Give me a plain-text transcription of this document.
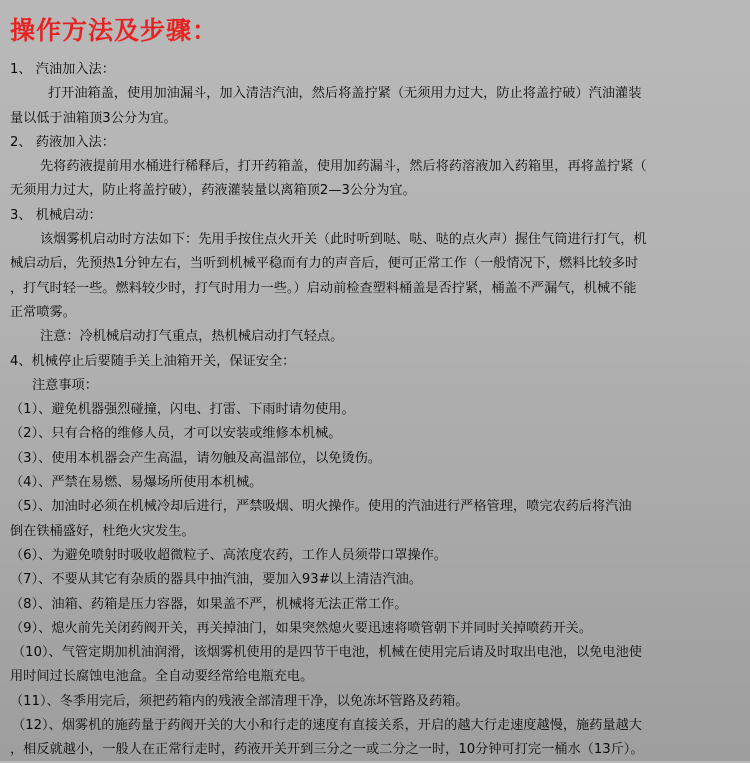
操作方法及步骤：
1、 汽油加入法：
打开油箱盖，使用加油漏斗，加入清洁汽油，然后将盖拧紧（无须用力过大，防止将盖拧破）汽油灌装
量以低于油箱顶3公分为宜。
2、 药液加入法：
先将药液提前用水桶进行稀释后，打开药箱盖，使用加药漏斗，然后将药溶液加入药箱里，再将盖拧紧（
无须用力过大，防止将盖拧破），药液灌装量以离箱顶2—3公分为宜。
3、 机械启动：
该烟雾机启动时方法如下：先用手按住点火开关（此时听到哒、哒、哒的点火声）握住气筒进行打气，机
械启动后，先预热1分钟左右，当听到机械平稳而有力的声音后，便可正常工作（一般情况下，燃料比较多时
，打气时轻一些。燃料较少时，打气时用力一些。）启动前检查塑料桶盖是否拧紧，桶盖不严漏气，机械不能
正常喷雾。
注意：冷机械启动打气重点，热机械启动打气轻点。
4、机械停止后要随手关上油箱开关，保证安全：
注意事项：
（1）、避免机器强烈碰撞，闪电、打雷、下雨时请勿使用。
（2）、只有合格的维修人员，才可以安装或维修本机械。
（3）、使用本机器会产生高温，请勿触及高温部位，以免烫伤。
（4）、严禁在易燃、易爆场所使用本机械。
（5）、加油时必须在机械冷却后进行，严禁吸烟、明火操作。使用的汽油进行严格管理，喷完农药后将汽油
倒在铁桶盛好，杜绝火灾发生。
（6）、为避免喷射时吸收超微粒子、高浓度农药，工作人员须带口罩操作。
（7）、不要从其它有杂质的器具中抽汽油，要加入93#以上清洁汽油。
（8）、油箱、药箱是压力容器，如果盖不严，机械将无法正常工作。
（9）、熄火前先关闭药阀开关，再关掉油门，如果突然熄火要迅速将喷管朝下并同时关掉喷药开关。
（10）、气管定期加机油润滑，该烟雾机使用的是四节干电池，机械在使用完后请及时取出电池，以免电池使
用时间过长腐蚀电池盒。全自动要经常给电瓶充电。
（11）、冬季用完后，须把药箱内的残液全部清理干净，以免冻坏管路及药箱。
（12）、烟雾机的施药量于药阀开关的大小和行走的速度有直接关系，开启的越大行走速度越慢，施药量越大
，相反就越小，一般人在正常行走时，药液开关开到三分之一或二分之一时，10分钟可打完一桶水（13斤）。
